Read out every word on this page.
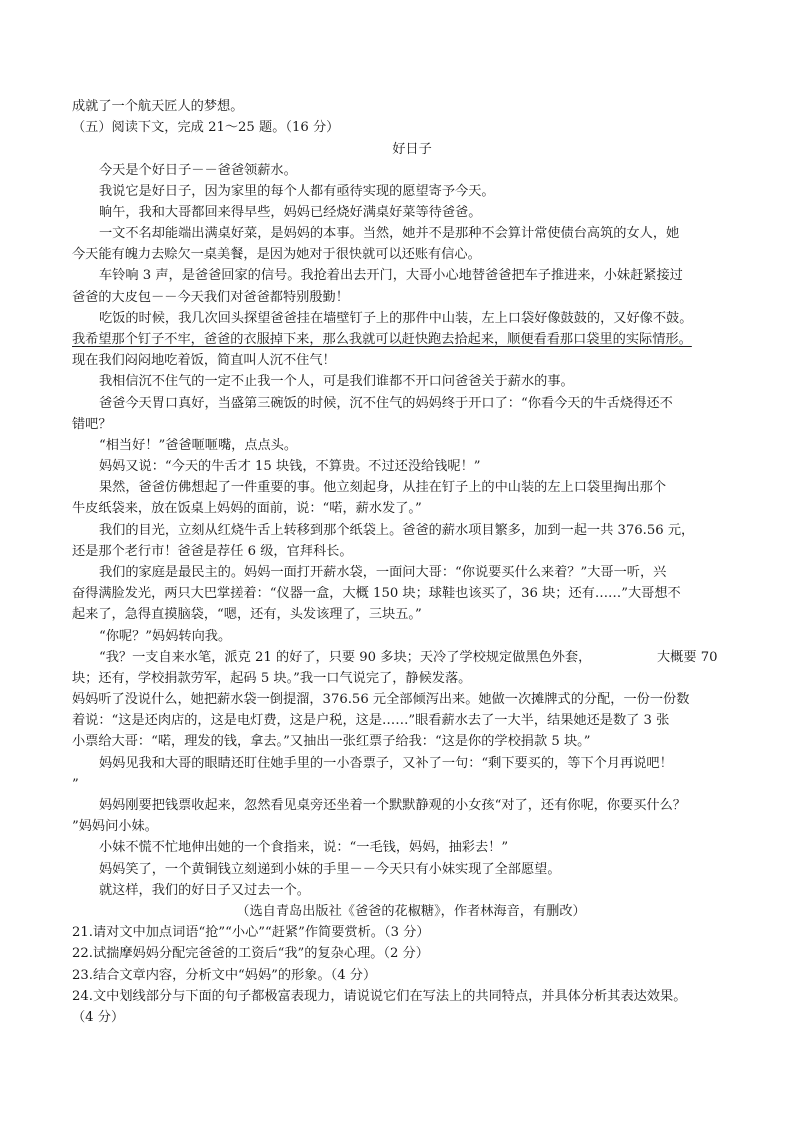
成就了一个航天匠人的梦想。
（五）阅读下文，完成 21～25 题。（16 分）
好日子
今天是个好日子－－爸爸领薪水。
我说它是好日子，因为家里的每个人都有亟待实现的愿望寄予今天。
晌午，我和大哥都回来得早些，妈妈已经烧好满桌好菜等待爸爸。
一文不名却能端出满桌好菜，是妈妈的本事。当然，她并不是那种不会算计常使债台高筑的女人，她
今天能有魄力去赊欠一桌美餐，是因为她对于很快就可以还账有信心。
车铃响 3 声，是爸爸回家的信号。我抢着出去开门，大哥小心地替爸爸把车子推进来，小妹赶紧接过
爸爸的大皮包－－今天我们对爸爸都特别殷勤！
吃饭的时候，我几次回头探望爸爸挂在墙壁钉子上的那件中山装，左上口袋好像鼓鼓的，又好像不鼓。
我希望那个钉子不牢，爸爸的衣服掉下来，那么我就可以赶快跑去拾起来，顺便看看那口袋里的实际情形。
现在我们闷闷地吃着饭，简直叫人沉不住气！
我相信沉不住气的一定不止我一个人，可是我们谁都不开口问爸爸关于薪水的事。
爸爸今天胃口真好，当盛第三碗饭的时候，沉不住气的妈妈终于开口了：“你看今天的牛舌烧得还不
错吧？
“相当好！”爸爸咂咂嘴，点点头。
妈妈又说：“今天的牛舌才 15 块钱，不算贵。不过还没给钱呢！”
果然，爸爸仿佛想起了一件重要的事。他立刻起身，从挂在钉子上的中山装的左上口袋里掏出那个
牛皮纸袋来，放在饭桌上妈妈的面前，说：“喏，薪水发了。”
我们的目光，立刻从红烧牛舌上转移到那个纸袋上。爸爸的薪水项目繁多，加到一起一共 376.56 元，
还是那个老行市！爸爸是荐任 6 级，官拜科长。
我们的家庭是最民主的。妈妈一面打开薪水袋，一面问大哥：“你说要买什么来着？”大哥一听，兴
奋得满脸发光，两只大巴掌搓着：“仪器一盒，大概 150 块；球鞋也该买了，36 块；还有……”大哥想不
起来了，急得直摸脑袋，“嗯，还有，头发该理了，三块五。”
“你呢？”妈妈转向我。
“我？一支自来水笔，派克 21 的好了，只要 90 多块；天冷了学校规定做黑色外套，	大概要 70
块；还有，学校捐款劳军，起码 5 块。”我一口气说完了，静候发落。
妈妈听了没说什么，她把薪水袋一倒提溜，376.56 元全部倾泻出来。她做一次摊牌式的分配，一份一份数
着说：“这是还肉店的，这是电灯费，这是户税，这是……”眼看薪水去了一大半，结果她还是数了 3 张
小票给大哥：“喏，理发的钱，拿去。”又抽出一张红票子给我：“这是你的学校捐款 5 块。”
妈妈见我和大哥的眼睛还盯住她手里的一小沓票子，又补了一句：“剩下要买的，等下个月再说吧！
”
妈妈刚要把钱票收起来，忽然看见桌旁还坐着一个默默静观的小女孩“对了，还有你呢，你要买什么？
”妈妈问小妹。
小妹不慌不忙地伸出她的一个食指来，说：“一毛钱，妈妈，抽彩去！”
妈妈笑了，一个黄铜钱立刻递到小妹的手里－－今天只有小妹实现了全部愿望。
就这样，我们的好日子又过去一个。
（选自青岛出版社《爸爸的花椒糖》，作者林海音，有删改）
21.请对文中加点词语“抢”“小心”“赶紧”作简要赏析。（3 分）
22.试揣摩妈妈分配完爸爸的工资后“我”的复杂心理。（2 分）
23.结合文章内容，分析文中“妈妈”的形象。（4 分）
24.文中划线部分与下面的句子都极富表现力，请说说它们在写法上的共同特点，并具体分析其表达效果。
（4 分）
